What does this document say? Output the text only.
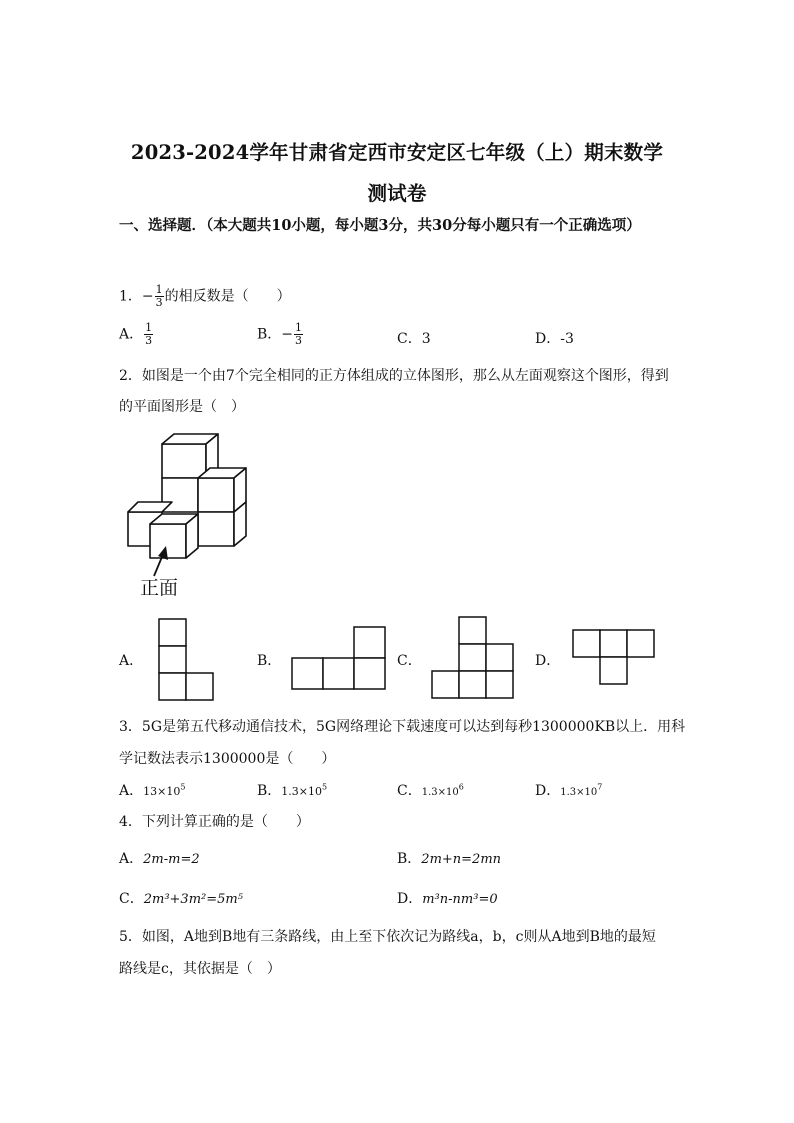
2023-2024学年甘肃省定西市安定区七年级（上）期末数学
测试卷
一、选择题．（本大题共10小题，每小题3分，共30分每小题只有一个正确选项）
1．− $\frac{1}{3}$ 的相反数是（　　）
A． $\frac{1}{3}$	B．− $\frac{1}{3}$	C．3	D．-3
2．如图是一个由7个完全相同的正方体组成的立体图形，那么从左面观察这个图形，得到
的平面图形是（　）
正面
A．	B．	C．	D．
3．5G是第五代移动通信技术，5G网络理论下载速度可以达到每秒1300000KB以上．用科
学记数法表示1300000是（　　）
A．$13\times 10^5$	B．$1.3\times 10^5$	C．$1.3\times 10^6$	D．$1.3\times 10^7$
4．下列计算正确的是（　　）
A．2m-m=2	B．2m+n=2mn
C．2m³+3m²=5m⁵	D．m³n-nm³=0
5．如图，A地到B地有三条路线，由上至下依次记为路线a，b，c则从A地到B地的最短
路线是c，其依据是（　）
